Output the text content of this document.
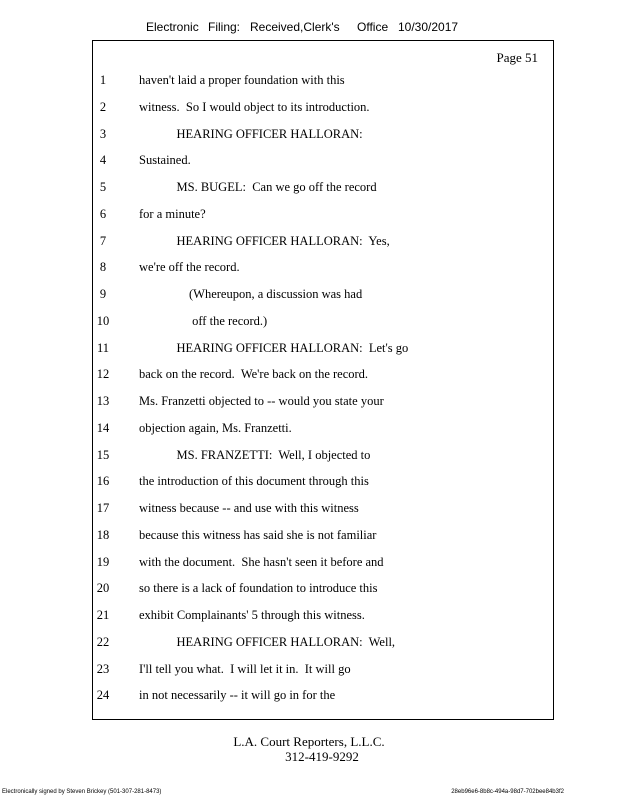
Electronic Filing: Received,Clerk's Office 10/30/2017
Page 51
1	haven't laid a proper foundation with this
2	witness.  So I would object to its introduction.
3	HEARING OFFICER HALLORAN:
4	Sustained.
5	MS. BUGEL:  Can we go off the record
6	for a minute?
7	HEARING OFFICER HALLORAN:  Yes,
8	we're off the record.
9	(Whereupon, a discussion was had
10	off the record.)
11	HEARING OFFICER HALLORAN:  Let's go
12	back on the record.  We're back on the record.
13	Ms. Franzetti objected to -- would you state your
14	objection again, Ms. Franzetti.
15	MS. FRANZETTI:  Well, I objected to
16	the introduction of this document through this
17	witness because -- and use with this witness
18	because this witness has said she is not familiar
19	with the document.  She hasn't seen it before and
20	so there is a lack of foundation to introduce this
21	exhibit Complainants' 5 through this witness.
22	HEARING OFFICER HALLORAN:  Well,
23	I'll tell you what.  I will let it in.  It will go
24	in not necessarily -- it will go in for the
L.A. Court Reporters, L.L.C.
312-419-9292
Electronically signed by Steven Brickey (501-307-281-8473)	28eb96e6-8b8c-494a-98d7-702bee84b3f2
